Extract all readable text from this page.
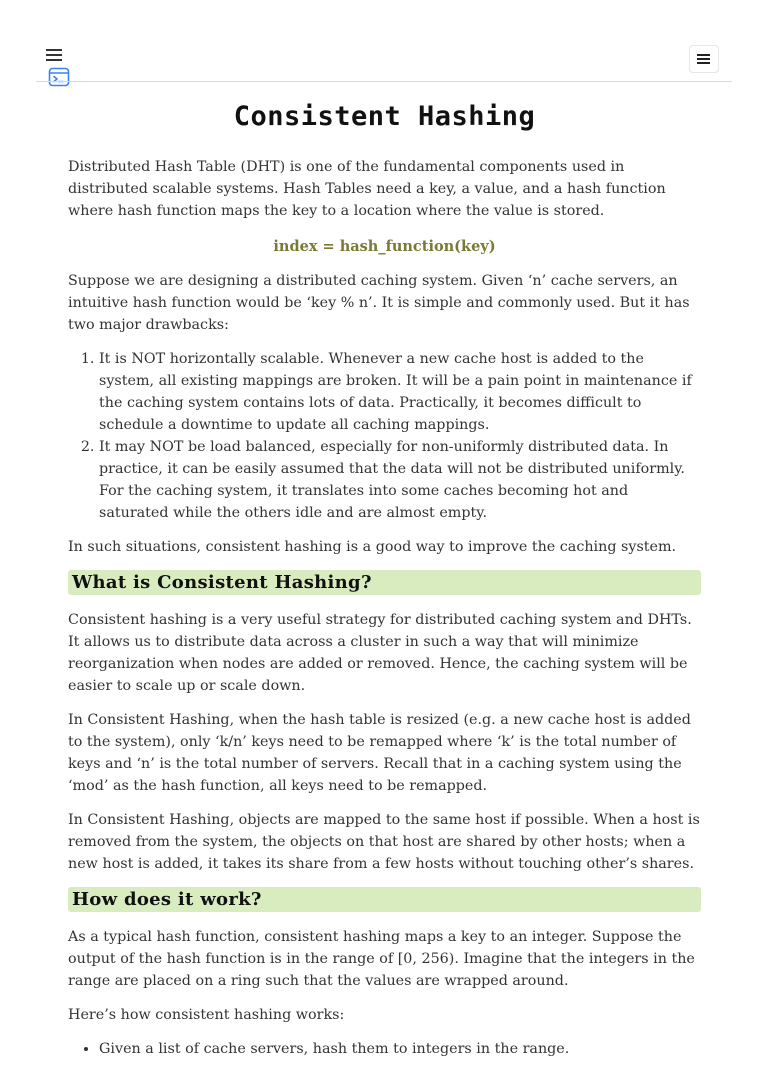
Consistent Hashing

Distributed Hash Table (DHT) is one of the fundamental components used in distributed scalable systems. Hash Tables need a key, a value, and a hash function where hash function maps the key to a location where the value is stored.

index = hash_function(key)

Suppose we are designing a distributed caching system. Given ‘n’ cache servers, an intuitive hash function would be ‘key % n’. It is simple and commonly used. But it has two major drawbacks:

1. It is NOT horizontally scalable. Whenever a new cache host is added to the system, all existing mappings are broken. It will be a pain point in maintenance if the caching system contains lots of data. Practically, it becomes difficult to schedule a downtime to update all caching mappings.
2. It may NOT be load balanced, especially for non-uniformly distributed data. In practice, it can be easily assumed that the data will not be distributed uniformly. For the caching system, it translates into some caches becoming hot and saturated while the others idle and are almost empty.

In such situations, consistent hashing is a good way to improve the caching system.

What is Consistent Hashing?

Consistent hashing is a very useful strategy for distributed caching system and DHTs. It allows us to distribute data across a cluster in such a way that will minimize reorganization when nodes are added or removed. Hence, the caching system will be easier to scale up or scale down.

In Consistent Hashing, when the hash table is resized (e.g. a new cache host is added to the system), only ‘k/n’ keys need to be remapped where ‘k’ is the total number of keys and ‘n’ is the total number of servers. Recall that in a caching system using the ‘mod’ as the hash function, all keys need to be remapped.

In Consistent Hashing, objects are mapped to the same host if possible. When a host is removed from the system, the objects on that host are shared by other hosts; when a new host is added, it takes its share from a few hosts without touching other’s shares.

How does it work?

As a typical hash function, consistent hashing maps a key to an integer. Suppose the output of the hash function is in the range of [0, 256). Imagine that the integers in the range are placed on a ring such that the values are wrapped around.

Here’s how consistent hashing works:

• Given a list of cache servers, hash them to integers in the range.
